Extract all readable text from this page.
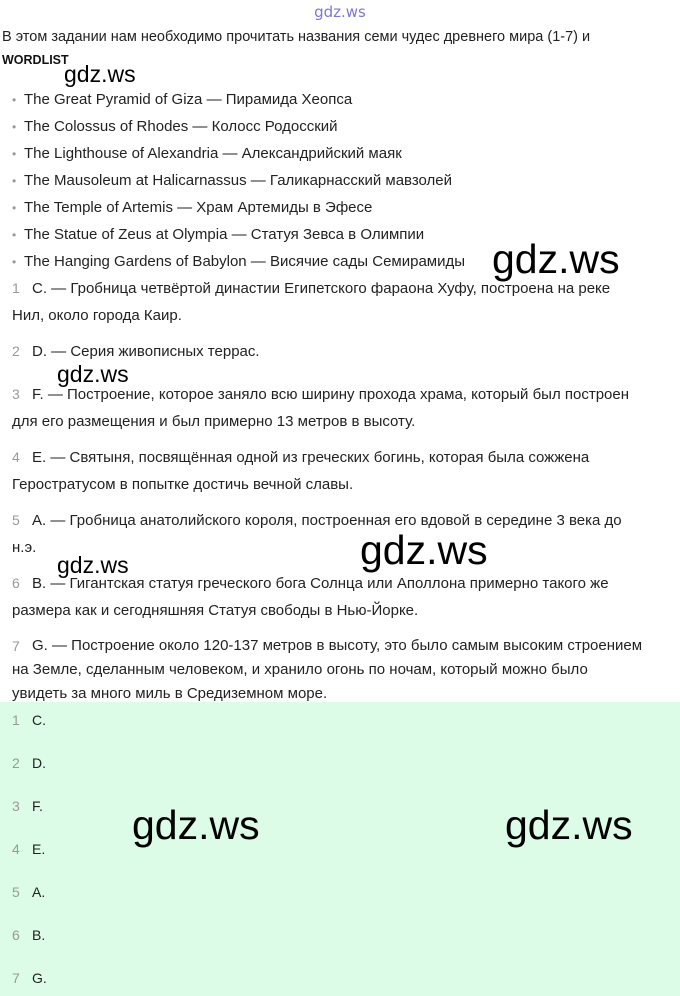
gdz.ws
В этом задании нам необходимо прочитать названия семи чудес древнего мира (1-7) и
WORDLIST
• The Great Pyramid of Giza — Пирамида Хеопса
• The Colossus of Rhodes — Колосс Родосский
• The Lighthouse of Alexandria — Александрийский маяк
• The Mausoleum at Halicarnassus — Галикарнасский мавзолей
• The Temple of Artemis — Храм Артемиды в Эфесе
• The Statue of Zeus at Olympia — Статуя Зевса в Олимпии
• The Hanging Gardens of Babylon — Висячие сады Семирамиды
1 C. — Гробница четвёртой династии Египетского фараона Хуфу, построена на реке
Нил, около города Каир.
2 D. — Серия живописных террас.
3 F. — Построение, которое заняло всю ширину прохода храма, который был построен
для его размещения и был примерно 13 метров в высоту.
4 E. — Святыня, посвящённая одной из греческих богинь, которая была сожжена
Геростратусом в попытке достичь вечной славы.
5 A. — Гробница анатолийского короля, построенная его вдовой в середине 3 века до
н.э.
6 B. — Гигантская статуя греческого бога Солнца или Аполлона примерно такого же
размера как и сегодняшняя Статуя свободы в Нью-Йорке.
7 G. — Построение около 120-137 метров в высоту, это было самым высоким строением
на Земле, сделанным человеком, и хранило огонь по ночам, который можно было
увидеть за много миль в Средиземном море.
1 C.
2 D.
3 F.
4 E.
5 A.
6 B.
7 G.
gdz.ws
gdz.ws
gdz.ws
gdz.ws
gdz.ws
gdz.ws	gdz.ws
